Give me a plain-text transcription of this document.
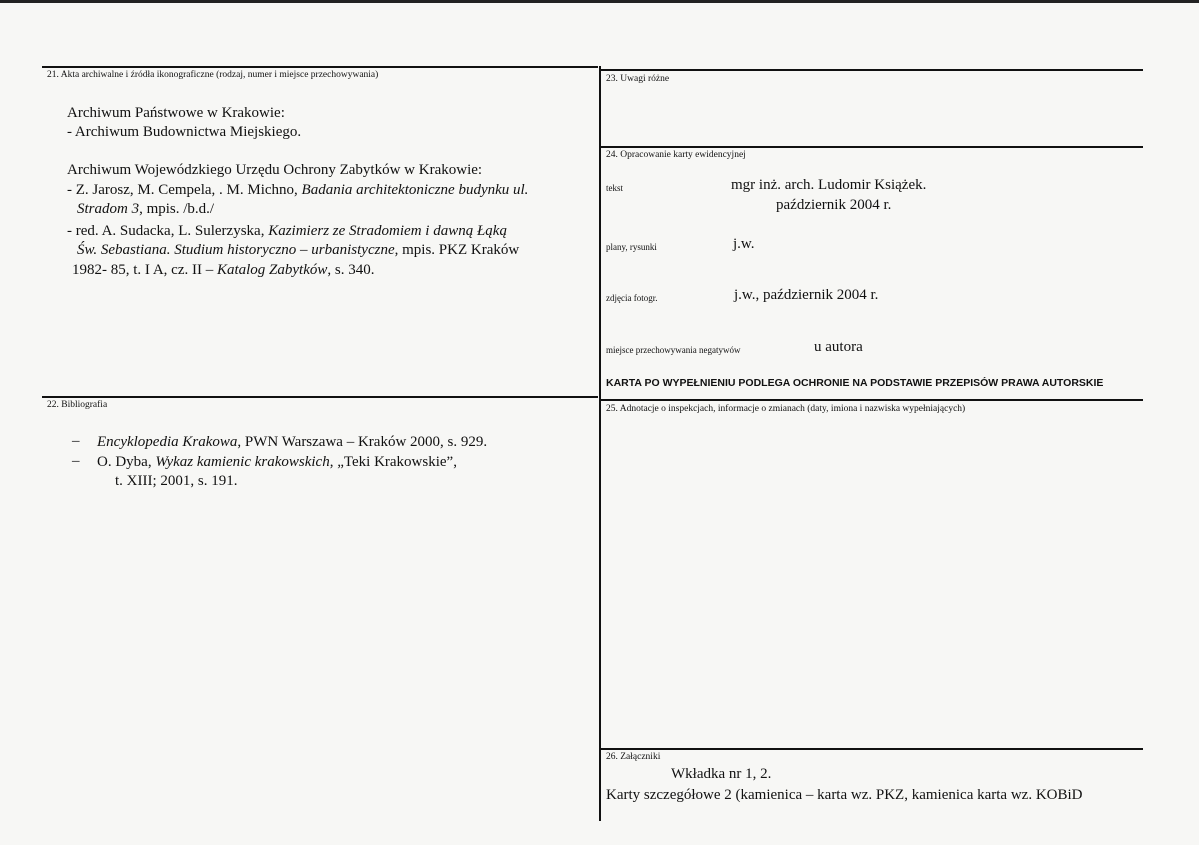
21. Akta archiwalne i źródła ikonograficzne (rodzaj, numer i miejsce przechowywania)
Archiwum Państwowe w Krakowie:
- Archiwum Budownictwa Miejskiego.
Archiwum Wojewódzkiego Urzędu Ochrony Zabytków w Krakowie:
- Z. Jarosz, M. Cempela, . M. Michno, Badania architektoniczne budynku ul.
Stradom 3, mpis. /b.d./
- red. A. Sudacka, L. Sulerzyska, Kazimierz ze Stradomiem i dawną Łąką
Św. Sebastiana. Studium historyczno – urbanistyczne, mpis. PKZ Kraków
1982- 85, t. I A, cz. II – Katalog Zabytków, s. 340.
22. Bibliografia
– Encyklopedia Krakowa, PWN Warszawa – Kraków 2000, s. 929.
– O. Dyba, Wykaz kamienic krakowskich, „Teki Krakowskie”,
t. XIII; 2001, s. 191.
23. Uwagi różne
24. Opracowanie karty ewidencyjnej
tekst	mgr inż. arch. Ludomir Książek.
październik 2004 r.
plany, rysunki	j.w.
zdjęcia fotogr.	j.w., październik 2004 r.
miejsce przechowywania negatywów	u autora
KARTA PO WYPEŁNIENIU PODLEGA OCHRONIE NA PODSTAWIE PRZEPISÓW PRAWA AUTORSKIE
25. Adnotacje o inspekcjach, informacje o zmianach (daty, imiona i nazwiska wypełniających)
26. Załączniki
Wkładka nr 1, 2.
Karty szczegółowe 2 (kamienica – karta wz. PKZ, kamienica karta wz. KOBiD
